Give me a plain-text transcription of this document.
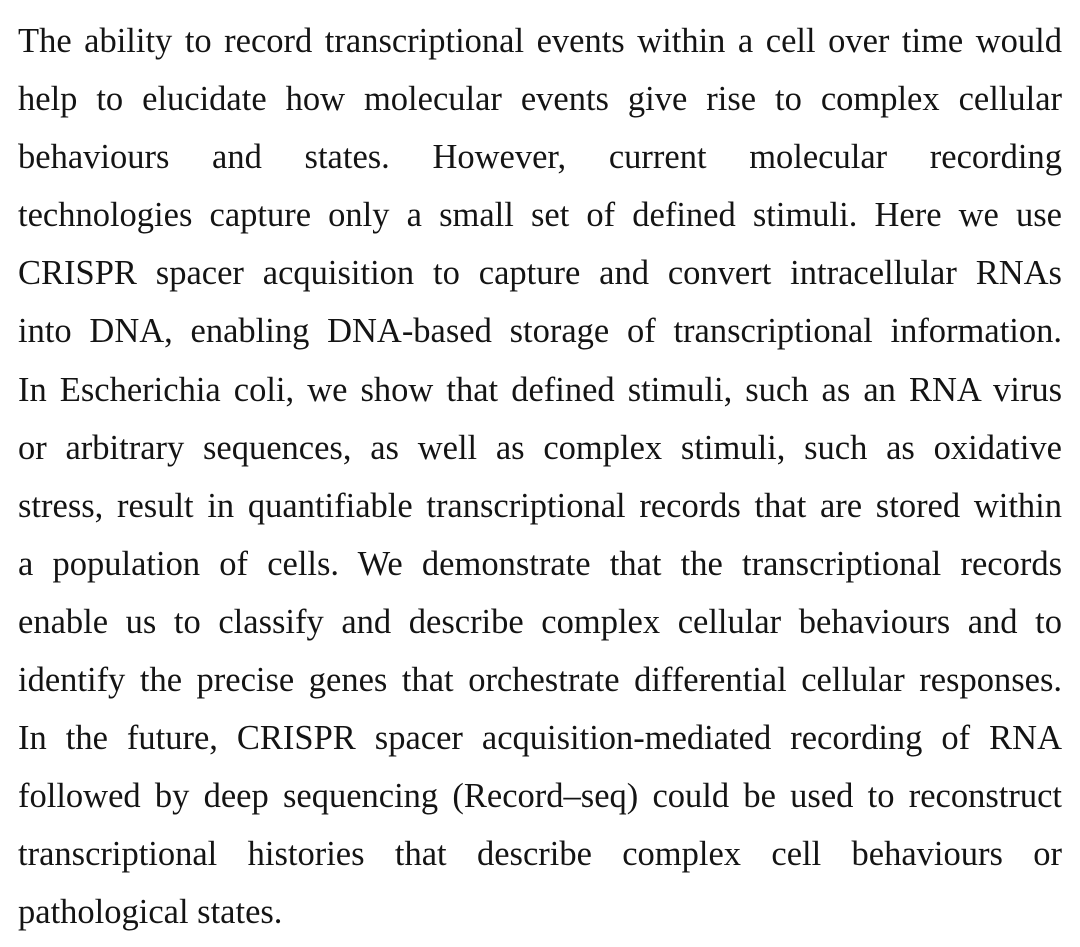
The ability to record transcriptional events within a cell over time would
help to elucidate how molecular events give rise to complex cellular
behaviours and states. However, current molecular recording
technologies capture only a small set of defined stimuli. Here we use
CRISPR spacer acquisition to capture and convert intracellular RNAs
into DNA, enabling DNA-based storage of transcriptional information.
In Escherichia coli, we show that defined stimuli, such as an RNA virus
or arbitrary sequences, as well as complex stimuli, such as oxidative
stress, result in quantifiable transcriptional records that are stored within
a population of cells. We demonstrate that the transcriptional records
enable us to classify and describe complex cellular behaviours and to
identify the precise genes that orchestrate differential cellular responses.
In the future, CRISPR spacer acquisition-mediated recording of RNA
followed by deep sequencing (Record–seq) could be used to reconstruct
transcriptional histories that describe complex cell behaviours or
pathological states.
